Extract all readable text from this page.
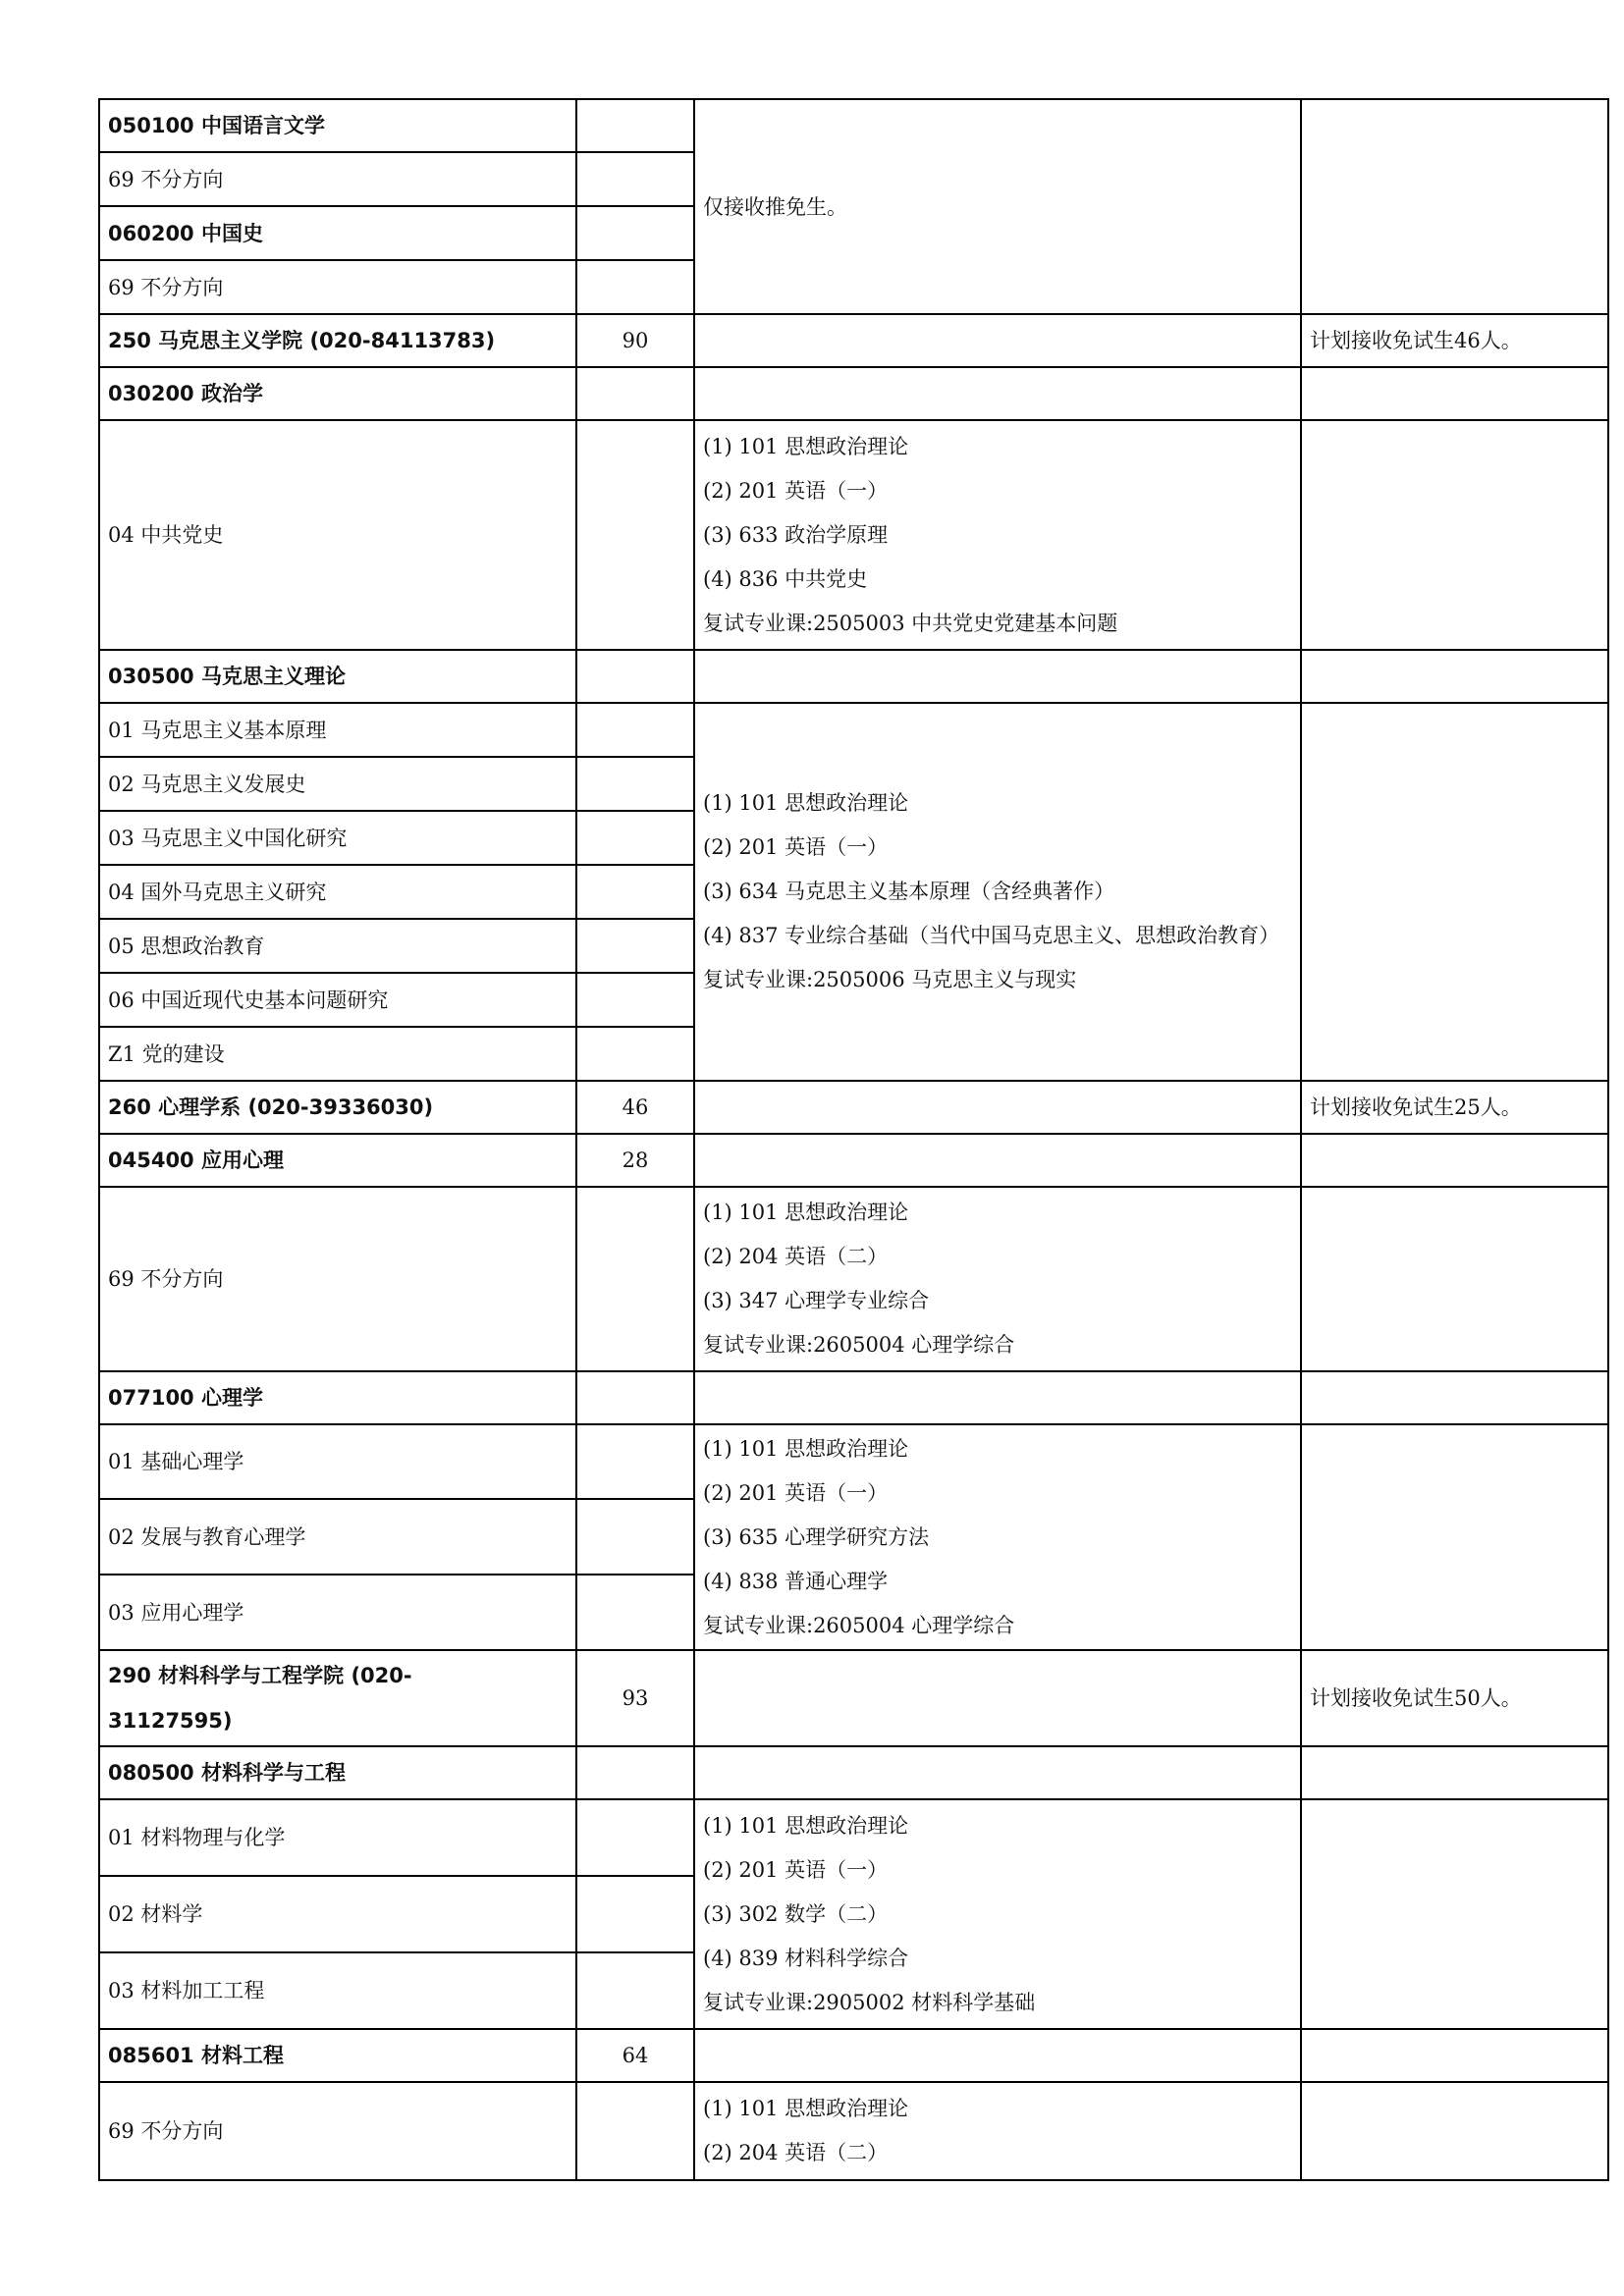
050100 中国语言文学		仅接收推免生。	
69 不分方向			
060200 中国史			
69 不分方向			
250 马克思主义学院 (020-84113783)	90		计划接收免试生46人。
030200 政治学			
04 中共党史		(1) 101 思想政治理论
(2) 201 英语（一）
(3) 633 政治学原理
(4) 836 中共党史
复试专业课:2505003 中共党史党建基本问题	

030500 马克思主义理论			
01 马克思主义基本原理		(1) 101 思想政治理论
(2) 201 英语（一）
(3) 634 马克思主义基本原理（含经典著作）
(4) 837 专业综合基础（当代中国马克思主义、思想政治教育）
复试专业课:2505006 马克思主义与现实	

02 马克思主义发展史			
03 马克思主义中国化研究			
04 国外马克思主义研究			
05 思想政治教育			
06 中国近现代史基本问题研究			
Z1 党的建设			
260 心理学系 (020-39336030)	46		计划接收免试生25人。
045400 应用心理	28		
69 不分方向		(1) 101 思想政治理论
(2) 204 英语（二）
(3) 347 心理学专业综合
复试专业课:2605004 心理学综合	

077100 心理学			
01 基础心理学		(1) 101 思想政治理论
(2) 201 英语（一）
(3) 635 心理学研究方法
(4) 838 普通心理学
复试专业课:2605004 心理学综合	

02 发展与教育心理学			
03 应用心理学			

290 材料科学与工程学院 (020-31127595)	93		计划接收免试生50人。
080500 材料科学与工程			
01 材料物理与化学		(1) 101 思想政治理论
(2) 201 英语（一）
(3) 302 数学（二）
(4) 839 材料科学综合
复试专业课:2905002 材料科学基础	

02 材料学			
03 材料加工工程			
085601 材料工程	64		
69 不分方向		(1) 101 思想政治理论
(2) 204 英语（二）	
